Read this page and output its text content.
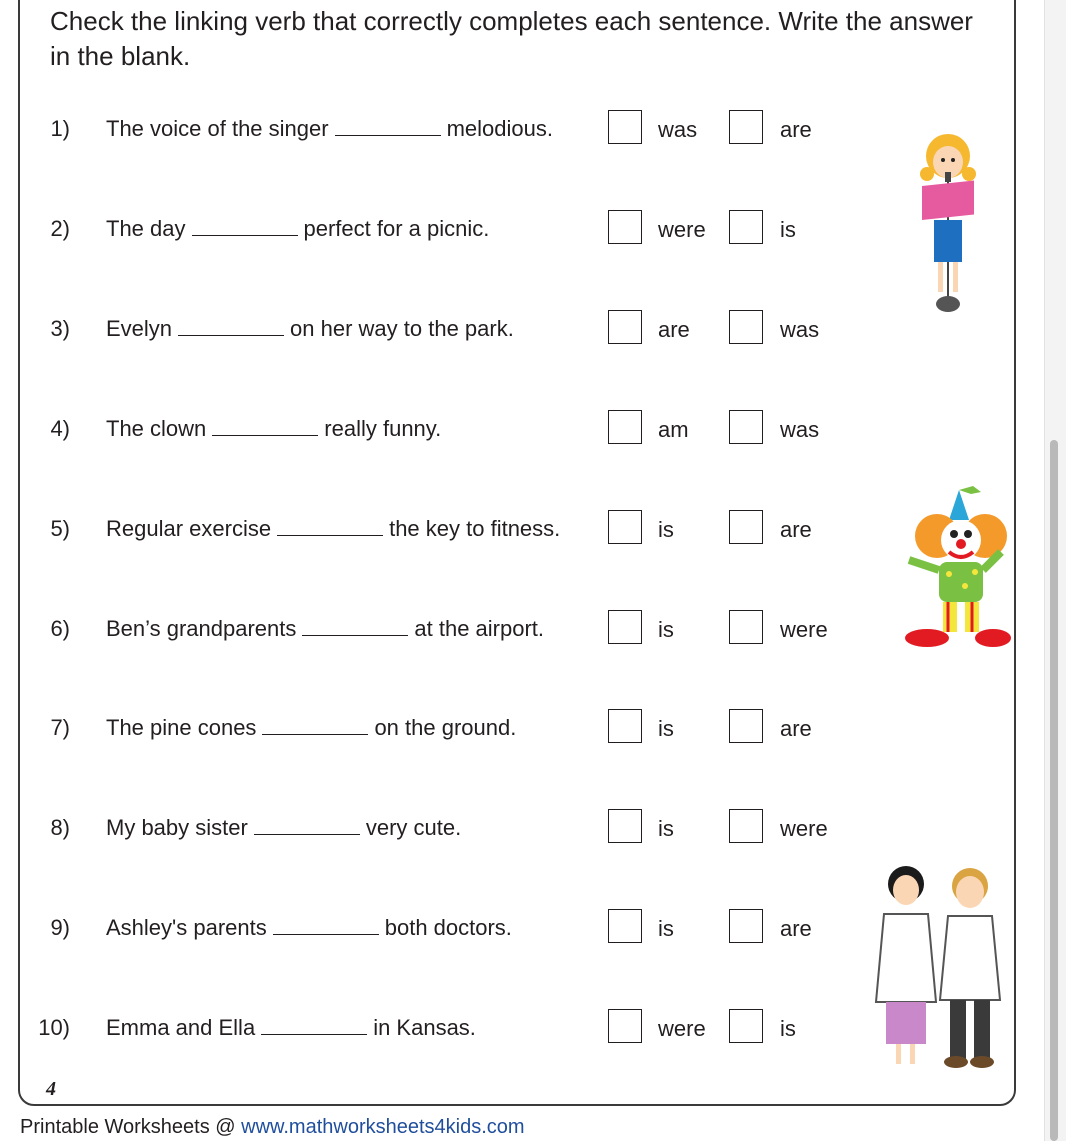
Check the linking verb that correctly completes each sentence. Write the answer in the blank.

1) The voice of the singer	melodious.	was	are
2) The day	perfect for a picnic.	were	is
3) Evelyn	on her way to the park.	are	was
4) The clown	really funny.	am	was
5) Regular exercise	the key to fitness.	is	are
6) Ben’s grandparents	at the airport.	is	were
7) The pine cones	on the ground.	is	are
8) My baby sister	very cute.	is	were
9) Ashley's parents	both doctors.	is	are
10) Emma and Ella	in Kansas.	were	is
4
Printable Worksheets @ www.mathworksheets4kids.com
